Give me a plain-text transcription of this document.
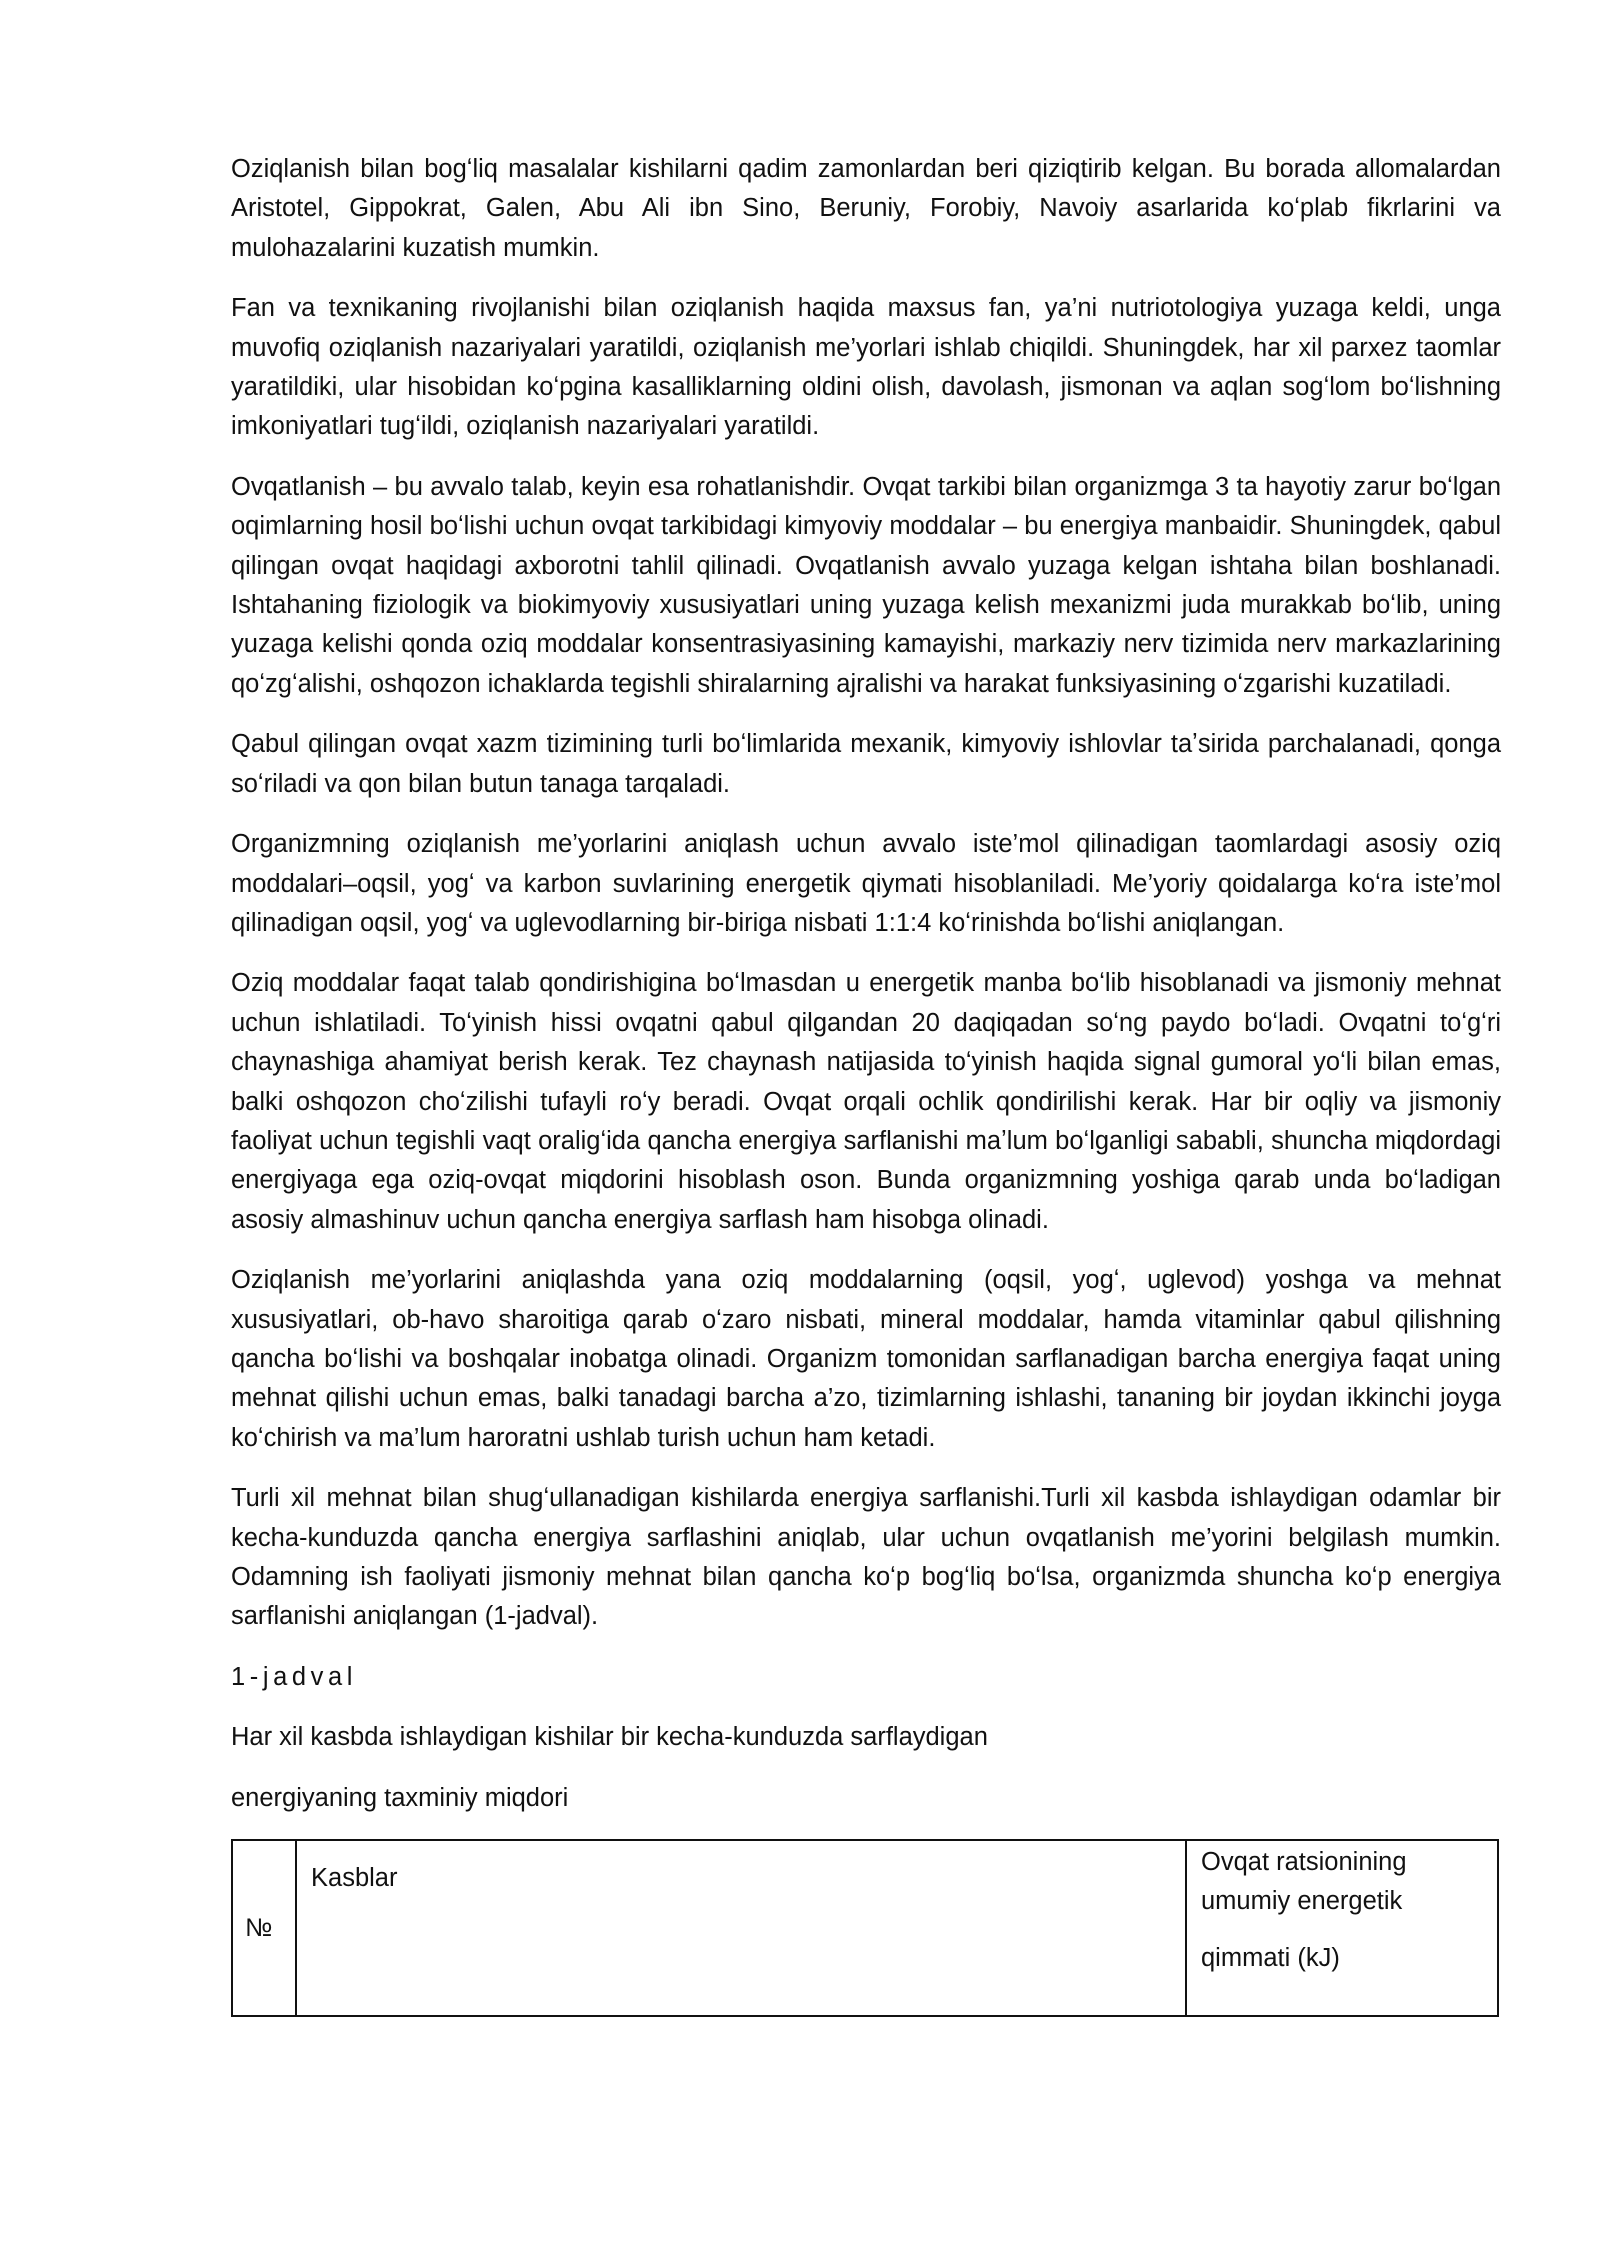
Oziqlanish bilan bogʻliq masalalar kishilarni qadim zamonlardan beri qiziqtirib kelgan. Bu borada allomalardan Aristotel, Gippokrat, Galen, Abu Ali ibn Sino, Beruniy, Forobiy, Navoiy asarlarida koʻplab fikrlarini va mulohazalarini kuzatish mumkin.

Fan va texnikaning rivojlanishi bilan oziqlanish haqida maxsus fan, ya’ni nutriotologiya yuzaga keldi, unga muvofiq oziqlanish nazariyalari yaratildi, oziqlanish me’yorlari ishlab chiqildi. Shuningdek, har xil parxez taomlar yaratildiki, ular hisobidan koʻpgina kasalliklarning oldini olish, davolash, jismonan va aqlan sogʻlom boʻlishning imkoniyatlari tugʻildi, oziqlanish nazariyalari yaratildi.

Ovqatlanish – bu avvalo talab, keyin esa rohatlanishdir. Ovqat tarkibi bilan organizmga 3 ta hayotiy zarur boʻlgan oqimlarning hosil boʻlishi uchun ovqat tarkibidagi kimyoviy moddalar – bu energiya manbaidir. Shuningdek, qabul qilingan ovqat haqidagi axborotni tahlil qilinadi. Ovqatlanish avvalo yuzaga kelgan ishtaha bilan boshlanadi. Ishtahaning fiziologik va biokimyoviy xususiyatlari uning yuzaga kelish mexanizmi juda murakkab boʻlib, uning yuzaga kelishi qonda oziq moddalar konsentrasiyasining kamayishi, markaziy nerv tizimida nerv markazlarining qoʻzgʻalishi, oshqozon ichaklarda tegishli shiralarning ajralishi va harakat funksiyasining oʻzgarishi kuzatiladi.

Qabul qilingan ovqat xazm tizimining turli boʻlimlarida mexanik, kimyoviy ishlovlar taʼsirida parchalanadi, qonga soʻriladi va qon bilan butun tanaga tarqaladi.

Organizmning oziqlanish me’yorlarini aniqlash uchun avvalo iste’mol qilinadigan taomlardagi asosiy oziq moddalari–oqsil, yogʻ va karbon suvlarining energetik qiymati hisoblaniladi. Me’yoriy qoidalarga koʻra iste’mol qilinadigan oqsil, yogʻ va uglevodlarning bir-biriga nisbati 1:1:4 koʻrinishda boʻlishi aniqlangan.

Oziq moddalar faqat talab qondirishigina boʻlmasdan u energetik manba boʻlib hisoblanadi va jismoniy mehnat uchun ishlatiladi. Toʻyinish hissi ovqatni qabul qilgandan 20 daqiqadan soʻng paydo boʻladi. Ovqatni toʻgʻri chaynashiga ahamiyat berish kerak. Tez chaynash natijasida toʻyinish haqida signal gumoral yoʻli bilan emas, balki oshqozon choʻzilishi tufayli roʻy beradi. Ovqat orqali ochlik qondirilishi kerak. Har bir oqliy va jismoniy faoliyat uchun tegishli vaqt oraligʻida qancha energiya sarflanishi maʼlum boʻlganligi sababli, shuncha miqdordagi energiyaga ega oziq-ovqat miqdorini hisoblash oson. Bunda organizmning yoshiga qarab unda boʻladigan asosiy almashinuv uchun qancha energiya sarflash ham hisobga olinadi.

Oziqlanish me’yorlarini aniqlashda yana oziq moddalarning (oqsil, yogʻ, uglevod) yoshga va mehnat xususiyatlari, ob-havo sharoitiga qarab oʻzaro nisbati, mineral moddalar, hamda vitaminlar qabul qilishning qancha boʻlishi va boshqalar inobatga olinadi. Organizm tomonidan sarflanadigan barcha energiya faqat uning mehnat qilishi uchun emas, balki tanadagi barcha a’zo, tizimlarning ishlashi, tananing bir joydan ikkinchi joyga koʻchirish va ma’lum haroratni ushlab turish uchun ham ketadi.

Turli xil mehnat bilan shugʻullanadigan kishilarda energiya sarflanishi.Turli xil kasbda ishlaydigan odamlar bir kecha-kunduzda qancha energiya sarflashini aniqlab, ular uchun ovqatlanish me’yorini belgilash mumkin. Odamning ish faoliyati jismoniy mehnat bilan qancha koʻp bogʻliq boʻlsa, organizmda shuncha koʻp energiya sarflanishi aniqlangan (1-jadval).

1-jadval

Har xil kasbda ishlaydigan kishilar bir kecha-kunduzda sarflaydigan

energiyaning taxminiy miqdori

№	Kasblar	Ovqat ratsionining umumiy energetik
qimmati (kJ)
